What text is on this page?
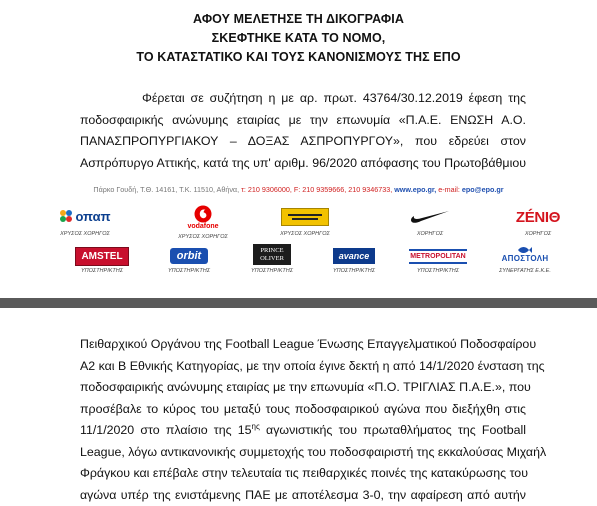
ΑΦΟΥ ΜΕΛΕΤΗΣΕ ΤΗ ΔΙΚΟΓΡΑΦΙΑ
ΣΚΕΦΤΗΚΕ ΚΑΤΑ ΤΟ ΝΟΜΟ,
ΤΟ ΚΑΤΑΣΤΑΤΙΚΟ ΚΑΙ ΤΟΥΣ ΚΑΝΟΝΙΣΜΟΥΣ ΤΗΣ ΕΠΟ
Φέρεται σε συζήτηση η με αρ. πρωτ. 43764/30.12.2019 έφεση της
ποδοσφαιρικής ανώνυμης εταιρίας με την επωνυμία «Π.Α.Ε. ΕΝΩΣΗ Α.Ο.
ΠΑΝΑΣΠΡΟΠΥΡΓΙΑΚΟΥ – ΔΟΞΑΣ ΑΣΠΡΟΠΥΡΓΟΥ», που εδρεύει στον
Ασπρόπυργο Αττικής, κατά της υπ' αριθμ. 96/2020 απόφασης του Πρωτοβάθμιου
Πάρκο Γουδή, Τ.Θ. 14161, Τ.Κ. 11510, Αθήνα, τ: 210 9306000, F: 210 9359666, 210 9346733, www.epo.gr, e-mail: epo@epo.gr
οπαπ
ΧΡΥΣΟΣ ΧΟΡΗΓΟΣ
vodafone
ΧΡΥΣΟΣ ΧΟΡΗΓΟΣ	ΧΡΥΣΟΣ ΧΟΡΗΓΟΣ	ΧΟΡΗΓΟΣ
ΖÉΝΙΘ
ΧΟΡΗΓΟΣ
AMSTEL
ΥΠΟΣΤΗΡΙΚΤΗΣ
orbit
ΥΠΟΣΤΗΡΙΚΤΗΣ
PRINCE OLIVER
ΥΠΟΣΤΗΡΙΚΤΗΣ
avance
ΥΠΟΣΤΗΡΙΚΤΗΣ
METROPOLITAN
ΥΠΟΣΤΗΡΙΚΤΗΣ
ΑΠΟΣΤΟΛΗ
ΣΥΝΕΡΓΑΤΗΣ Ε.Κ.Ε.
Πειθαρχικού Οργάνου της Football League Ένωσης Επαγγελματικού Ποδοσφαίρου
Α2 και Β Εθνικής Κατηγορίας, με την οποία έγινε δεκτή η από 14/1/2020 ένσταση της
ποδοσφαιρικής ανώνυμης εταιρίας με την επωνυμία «Π.Ο. ΤΡΙΓΛΙΑΣ Π.Α.Ε.», που
προσέβαλε το κύρος του μεταξύ τους ποδοσφαιρικού αγώνα που διεξήχθη στις
11/1/2020 στο πλαίσιο της $15^{\eta\varsigma}$ αγωνιστικής του πρωταθλήματος της Football
League, λόγω αντικανονικής συμμετοχής του ποδοσφαιριστή της εκκαλούσας Μιχαήλ
Φράγκου και επέβαλε στην τελευταία τις πειθαρχικές ποινές της κατακύρωσης του
αγώνα υπέρ της ενιστάμενης ΠΑΕ με αποτέλεσμα 3-0, την αφαίρεση από αυτήν
